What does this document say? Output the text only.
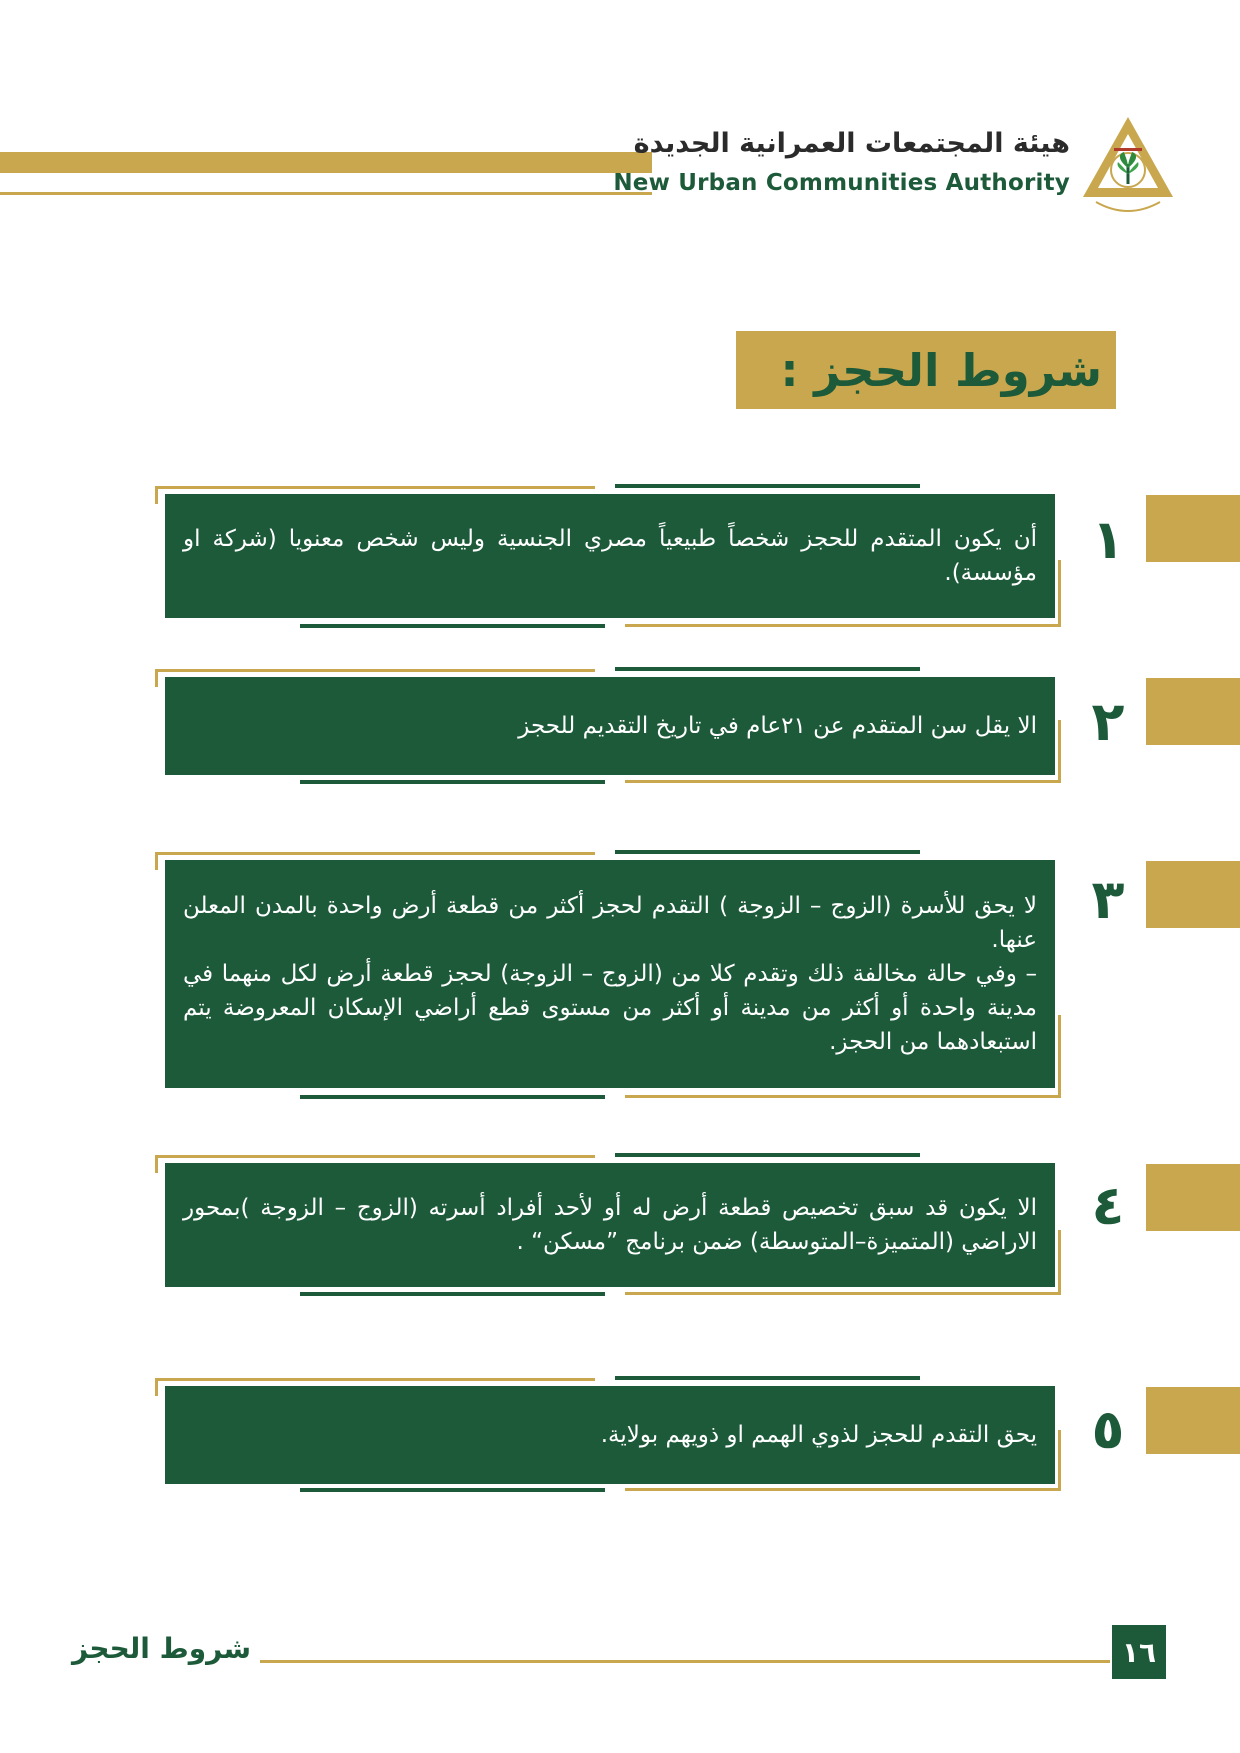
هيئة المجتمعات العمرانية الجديدة
New Urban Communities Authority
شروط الحجز :

أن يكون المتقدم للحجز شخصاً طبيعياً مصري الجنسية وليس شخص معنويا (شركة او مؤسسة).

١

الا يقل سن المتقدم عن ٢١عام في تاريخ التقديم للحجز ٢

لا يحق للأسرة (الزوج – الزوجة ) التقدم لحجز أكثر من قطعة أرض واحدة بالمدن المعلن عنها.

– وفي حالة مخالفة ذلك وتقدم كلا من (الزوج – الزوجة) لحجز قطعة أرض لكل منهما في مدينة واحدة أو أكثر من مدينة أو أكثر من مستوى قطع أراضي الإسكان المعروضة يتم استبعادهما من الحجز.

٣

الا يكون قد سبق تخصيص قطعة أرض له أو لأحد أفراد أسرته (الزوج – الزوجة )بمحور الاراضي (المتميزة–المتوسطة) ضمن برنامج ”مسكن“ .

٤

يحق التقدم للحجز لذوي الهمم او ذويهم بولاية. ٥
شروط الحجز	١٦
